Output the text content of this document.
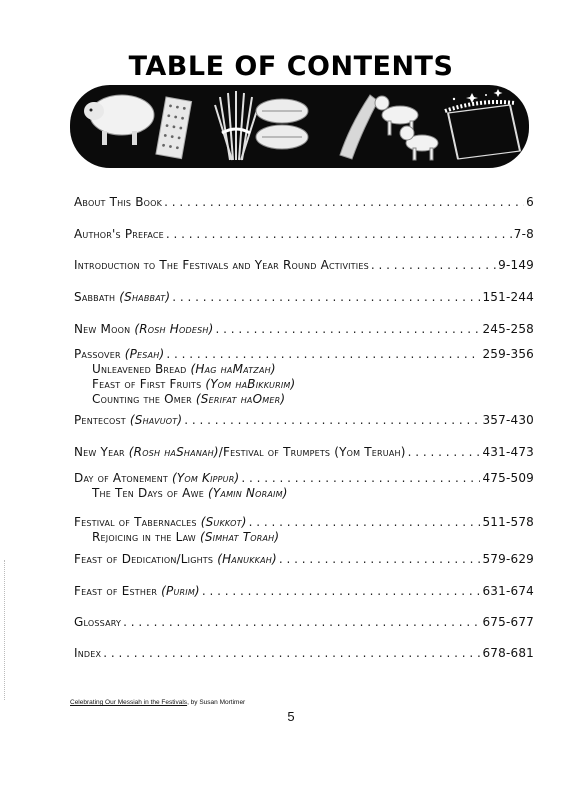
TABLE OF CONTENTS
About This Book . . .	6
Author's Preface . . .	7-8
Introduction to The Festivals and Year Round Activities . . .	9-149
Sabbath (Shabbat) . . .	151-244
New Moon (Rosh Hodesh) . . .	245-258
Passover (Pesah) . . .	259-356
Unleavened Bread (Hag haMatzah)
Feast of First Fruits (Yom haBikkurim)
Counting the Omer (Serifat haOmer)
Pentecost (Shavuot) . . .	357-430
New Year (Rosh haShanah)/Festival of Trumpets (Yom Teruah) . . .	431-473
Day of Atonement (Yom Kippur) . . .	475-509
The Ten Days of Awe (Yamin Noraim)
Festival of Tabernacles (Sukkot) . . .	511-578
Rejoicing in the Law (Simhat Torah)
Feast of Dedication/Lights (Hanukkah) . . .	579-629
Feast of Esther (Purim) . . .	631-674
Glossary . . .	675-677
Index . . .	678-681
Celebrating Our Messiah in the Festivals, by Susan Mortimer
5
